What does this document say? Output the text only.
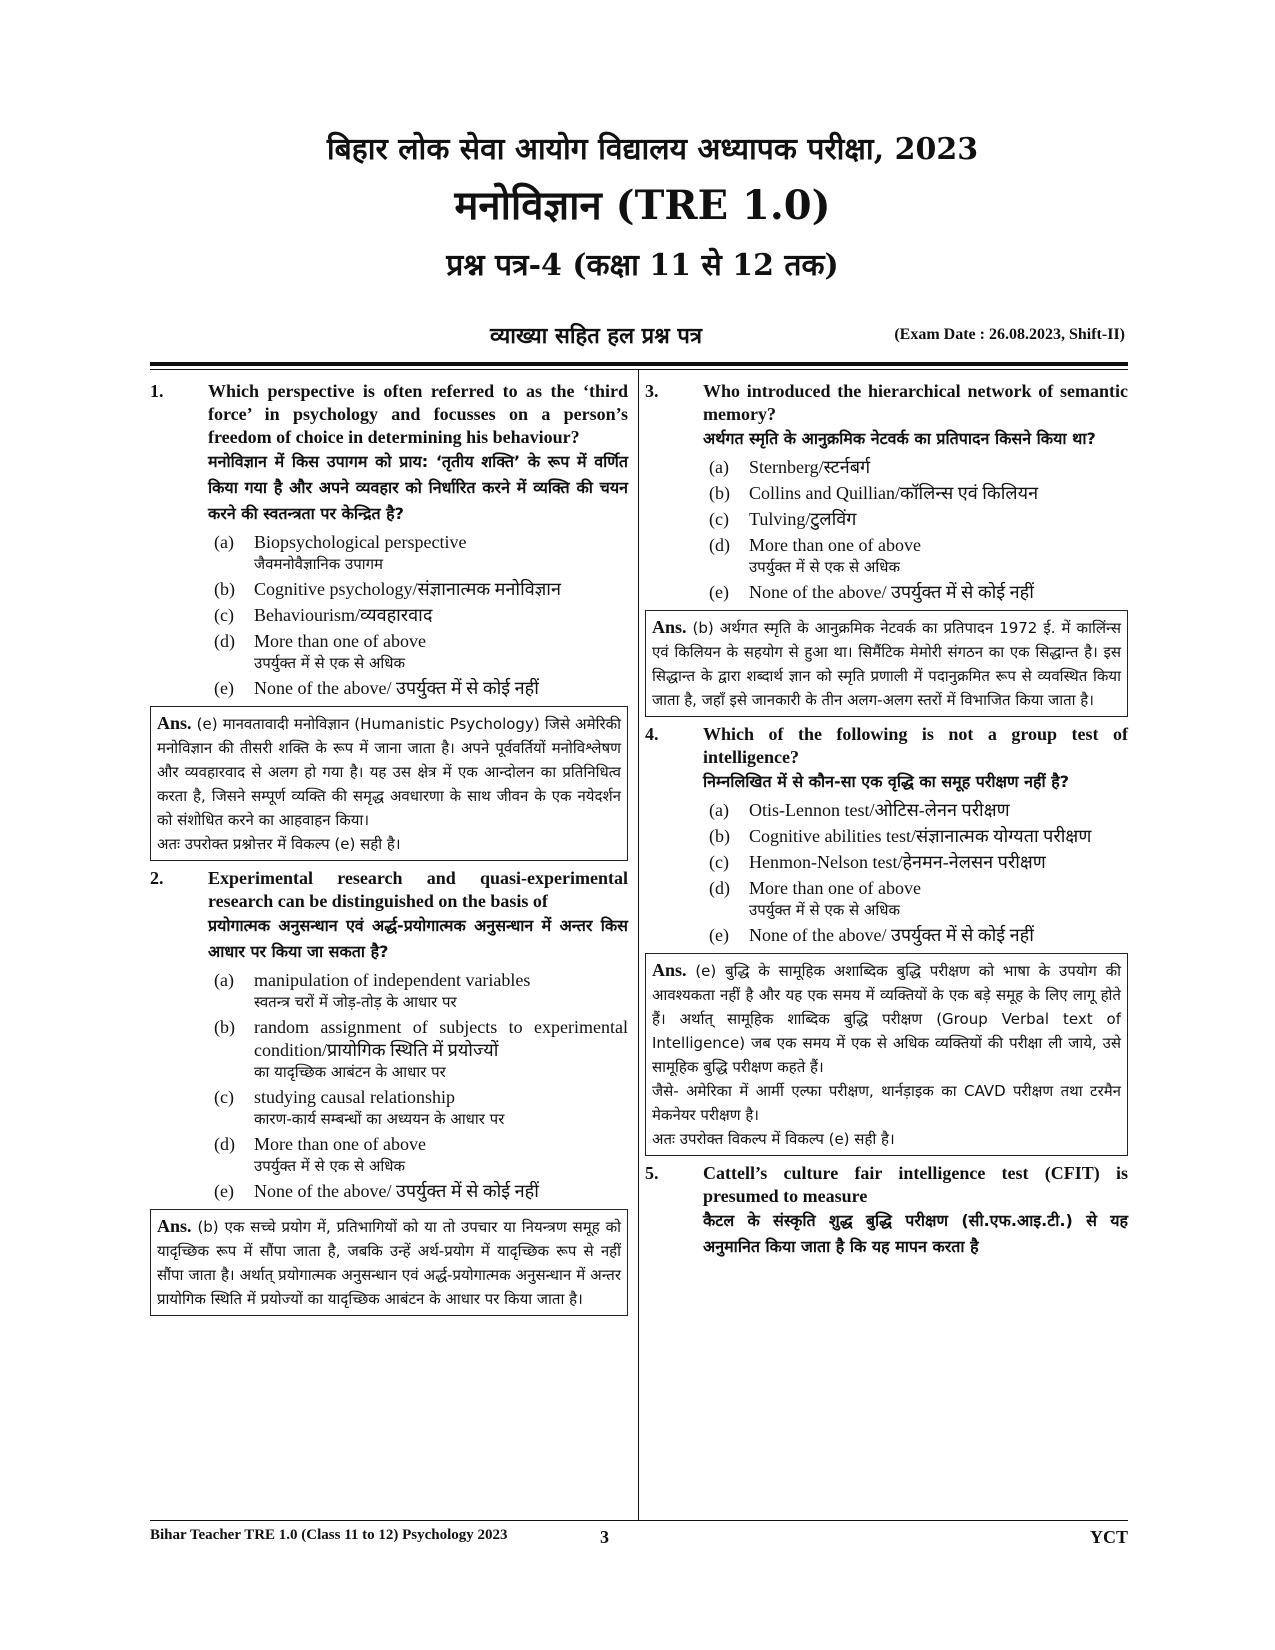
बिहार लोक सेवा आयोग विद्यालय अध्यापक परीक्षा, 2023
मनोविज्ञान (TRE 1.0)
प्रश्न पत्र-4 (कक्षा 11 से 12 तक)
व्याख्या सहित हल प्रश्न पत्र	(Exam Date : 26.08.2023, Shift-II)
1. Which perspective is often referred to as the ‘third force’ in psychology and focusses on a person’s freedom of choice in determining his behaviour?
मनोविज्ञान में किस उपागम को प्राय: ‘तृतीय शक्ति’ के रूप में वर्णित किया गया है और अपने व्यवहार को निर्धारित करने में व्यक्ति की चयन करने की स्वतन्त्रता पर केन्द्रित है?
(a) Biopsychological perspective
जैवमनोवैज्ञानिक उपागम
(b) Cognitive psychology/संज्ञानात्मक मनोविज्ञान
(c) Behaviourism/व्यवहारवाद
(d) More than one of above
उपर्युक्त में से एक से अधिक
(e) None of the above/ उपर्युक्त में से कोई नहीं
Ans. (e) मानवतावादी मनोविज्ञान (Humanistic Psychology) जिसे अमेरिकी मनोविज्ञान की तीसरी शक्ति के रूप में जाना जाता है। अपने पूर्ववर्तियों मनोविश्लेषण और व्यवहारवाद से अलग हो गया है। यह उस क्षेत्र में एक आन्दोलन का प्रतिनिधित्व करता है, जिसने सम्पूर्ण व्यक्ति की समृद्ध अवधारणा के साथ जीवन के एक नयेदर्शन को संशोधित करने का आहवाहन किया।
अतः उपरोक्त प्रश्नोत्तर में विकल्प (e) सही है।
2. Experimental research and quasi-experimental research can be distinguished on the basis of
प्रयोगात्मक अनुसन्धान एवं अर्द्ध-प्रयोगात्मक अनुसन्धान में अन्तर किस आधार पर किया जा सकता है?
(a) manipulation of independent variables
स्वतन्त्र चरों में जोड़-तोड़ के आधार पर
(b) random assignment of subjects to experimental condition/प्रायोगिक स्थिति में प्रयोज्यों
का यादृच्छिक आबंटन के आधार पर
(c) studying causal relationship
कारण-कार्य सम्बन्धों का अध्ययन के आधार पर
(d) More than one of above
उपर्युक्त में से एक से अधिक
(e) None of the above/ उपर्युक्त में से कोई नहीं
Ans. (b) एक सच्चे प्रयोग में, प्रतिभागियों को या तो उपचार या नियन्त्रण समूह को यादृच्छिक रूप में सौंपा जाता है, जबकि उन्हें अर्थ-प्रयोग में यादृच्छिक रूप से नहीं सौंपा जाता है। अर्थात् प्रयोगात्मक अनुसन्धान एवं अर्द्ध-प्रयोगात्मक अनुसन्धान में अन्तर प्रायोगिक स्थिति में प्रयोज्यों का यादृच्छिक आबंटन के आधार पर किया जाता है।
3. Who introduced the hierarchical network of semantic memory?
अर्थगत स्मृति के आनुक्रमिक नेटवर्क का प्रतिपादन किसने किया था?
(a) Sternberg/स्टर्नबर्ग
(b) Collins and Quillian/कॉलिन्स एवं किलियन
(c) Tulving/टुलविंग
(d) More than one of above
उपर्युक्त में से एक से अधिक
(e) None of the above/ उपर्युक्त में से कोई नहीं
Ans. (b) अर्थगत स्मृति के आनुक्रमिक नेटवर्क का प्रतिपादन 1972 ई. में कालिंन्स एवं किलियन के सहयोग से हुआ था। सिमैंटिक मेमोरी संगठन का एक सिद्धान्त है। इस सिद्धान्त के द्वारा शब्दार्थ ज्ञान को स्मृति प्रणाली में पदानुक्रमित रूप से व्यवस्थित किया जाता है, जहाँ इसे जानकारी के तीन अलग-अलग स्तरों में विभाजित किया जाता है।
4. Which of the following is not a group test of intelligence?
निम्नलिखित में से कौन-सा एक वृद्धि का समूह परीक्षण नहीं है?
(a) Otis-Lennon test/ओटिस-लेनन परीक्षण
(b) Cognitive abilities test/संज्ञानात्मक योग्यता परीक्षण
(c) Henmon-Nelson test/हेनमन-नेलसन परीक्षण
(d) More than one of above
उपर्युक्त में से एक से अधिक
(e) None of the above/ उपर्युक्त में से कोई नहीं
Ans. (e) बुद्धि के सामूहिक अशाब्दिक बुद्धि परीक्षण को भाषा के उपयोग की आवश्यकता नहीं है और यह एक समय में व्यक्तियों के एक बड़े समूह के लिए लागू होते हैं। अर्थात् सामूहिक शाब्दिक बुद्धि परीक्षण (Group Verbal text of Intelligence) जब एक समय में एक से अधिक व्यक्तियों की परीक्षा ली जाये, उसे सामूहिक बुद्धि परीक्षण कहते हैं।
जैसे- अमेरिका में आर्मी एल्फा परीक्षण, थार्नड़ाइक का CAVD परीक्षण तथा टरमैन मेकनेयर परीक्षण है।
अतः उपरोक्त विकल्प में विकल्प (e) सही है।
5. Cattell’s culture fair intelligence test (CFIT) is presumed to measure
कैटल के संस्कृति शुद्ध बुद्धि परीक्षण (सी.एफ.आइ.टी.) से यह अनुमानित किया जाता है कि यह मापन करता है
Bihar Teacher TRE 1.0 (Class 11 to 12) Psychology 2023	3	YCT
